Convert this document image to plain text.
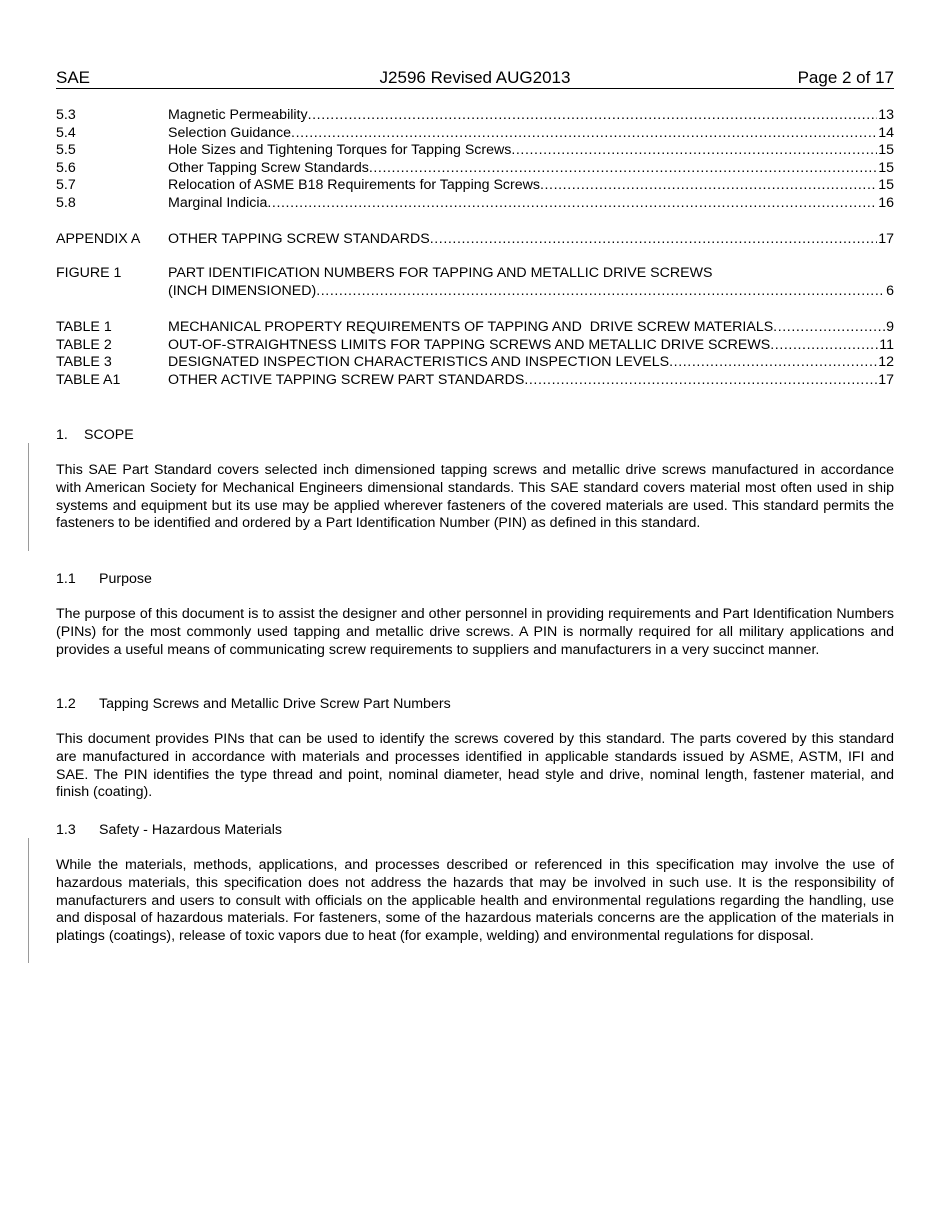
SAE	J2596 Revised AUG2013	Page 2 of 17
5.3	Magnetic Permeability .....	13
5.4	Selection Guidance .....	14
5.5	Hole Sizes and Tightening Torques for Tapping Screws .....	15
5.6	Other Tapping Screw Standards .....	15
5.7	Relocation of ASME B18 Requirements for Tapping Screws .....	15
5.8	Marginal Indicia .....	16
APPENDIX A	OTHER TAPPING SCREW STANDARDS .....	17
FIGURE 1	PART IDENTIFICATION NUMBERS FOR TAPPING AND METALLIC DRIVE SCREWS
(INCH DIMENSIONED) .....	6
TABLE 1	MECHANICAL PROPERTY REQUIREMENTS OF TAPPING AND  DRIVE SCREW MATERIALS .....	9
TABLE 2	OUT-OF-STRAIGHTNESS LIMITS FOR TAPPING SCREWS AND METALLIC DRIVE SCREWS .....	11
TABLE 3	DESIGNATED INSPECTION CHARACTERISTICS AND INSPECTION LEVELS .....	12
TABLE A1	OTHER ACTIVE TAPPING SCREW PART STANDARDS .....	17
1. SCOPE
This SAE Part Standard covers selected inch dimensioned tapping screws and metallic drive screws manufactured in accordance with American Society for Mechanical Engineers dimensional standards. This SAE standard covers material most often used in ship systems and equipment but its use may be applied wherever fasteners of the covered materials are used. This standard permits the fasteners to be identified and ordered by a Part Identification Number (PIN) as defined in this standard.
1.1 Purpose
The purpose of this document is to assist the designer and other personnel in providing requirements and Part Identification Numbers (PINs) for the most commonly used tapping and metallic drive screws. A PIN is normally required for all military applications and provides a useful means of communicating screw requirements to suppliers and manufacturers in a very succinct manner.
1.2 Tapping Screws and Metallic Drive Screw Part Numbers
This document provides PINs that can be used to identify the screws covered by this standard. The parts covered by this standard are manufactured in accordance with materials and processes identified in applicable standards issued by ASME, ASTM, IFI and SAE. The PIN identifies the type thread and point, nominal diameter, head style and drive, nominal length, fastener material, and finish (coating).
1.3 Safety - Hazardous Materials
While the materials, methods, applications, and processes described or referenced in this specification may involve the use of hazardous materials, this specification does not address the hazards that may be involved in such use. It is the responsibility of manufacturers and users to consult with officials on the applicable health and environmental regulations regarding the handling, use and disposal of hazardous materials. For fasteners, some of the hazardous materials concerns are the application of the materials in platings (coatings), release of toxic vapors due to heat (for example, welding) and environmental regulations for disposal.
